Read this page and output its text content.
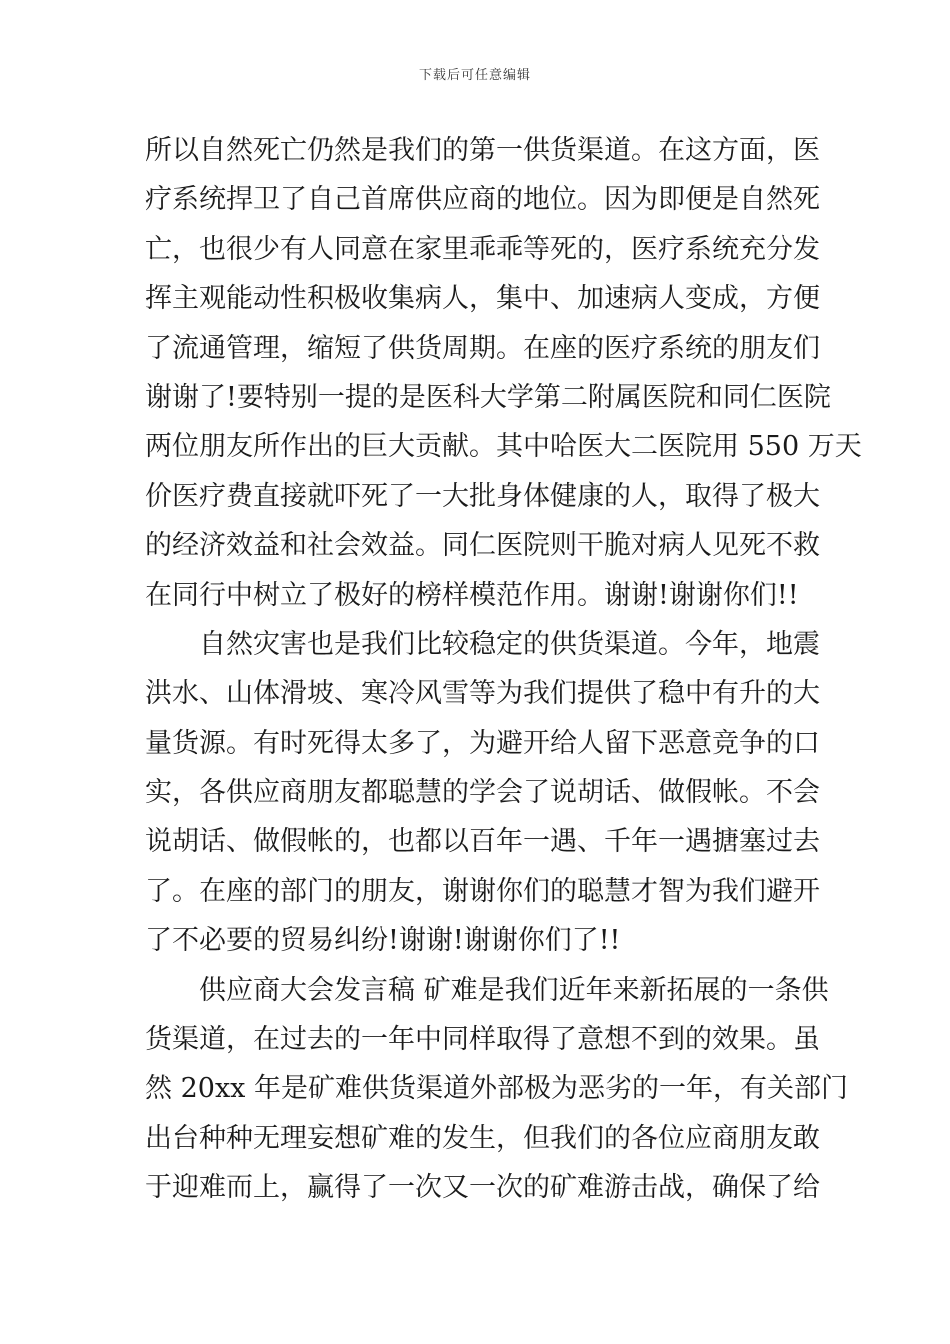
下载后可任意编辑
所以自然死亡仍然是我们的第一供货渠道。在这方面，医
疗系统捍卫了自己首席供应商的地位。因为即便是自然死
亡，也很少有人同意在家里乖乖等死的，医疗系统充分发
挥主观能动性积极收集病人，集中、加速病人变成，方便
了流通管理，缩短了供货周期。在座的医疗系统的朋友们
谢谢了!要特别一提的是医科大学第二附属医院和同仁医院
两位朋友所作出的巨大贡献。其中哈医大二医院用 550 万天
价医疗费直接就吓死了一大批身体健康的人，取得了极大
的经济效益和社会效益。同仁医院则干脆对病人见死不救
在同行中树立了极好的榜样模范作用。谢谢!谢谢你们!!
　　自然灾害也是我们比较稳定的供货渠道。今年，地震
洪水、山体滑坡、寒冷风雪等为我们提供了稳中有升的大
量货源。有时死得太多了，为避开给人留下恶意竞争的口
实，各供应商朋友都聪慧的学会了说胡话、做假帐。不会
说胡话、做假帐的，也都以百年一遇、千年一遇搪塞过去
了。在座的部门的朋友，谢谢你们的聪慧才智为我们避开
了不必要的贸易纠纷!谢谢!谢谢你们了!!
　　供应商大会发言稿 矿难是我们近年来新拓展的一条供
货渠道，在过去的一年中同样取得了意想不到的效果。虽
然 20xx 年是矿难供货渠道外部极为恶劣的一年，有关部门
出台种种无理妄想矿难的发生，但我们的各位应商朋友敢
于迎难而上，赢得了一次又一次的矿难游击战，确保了给
